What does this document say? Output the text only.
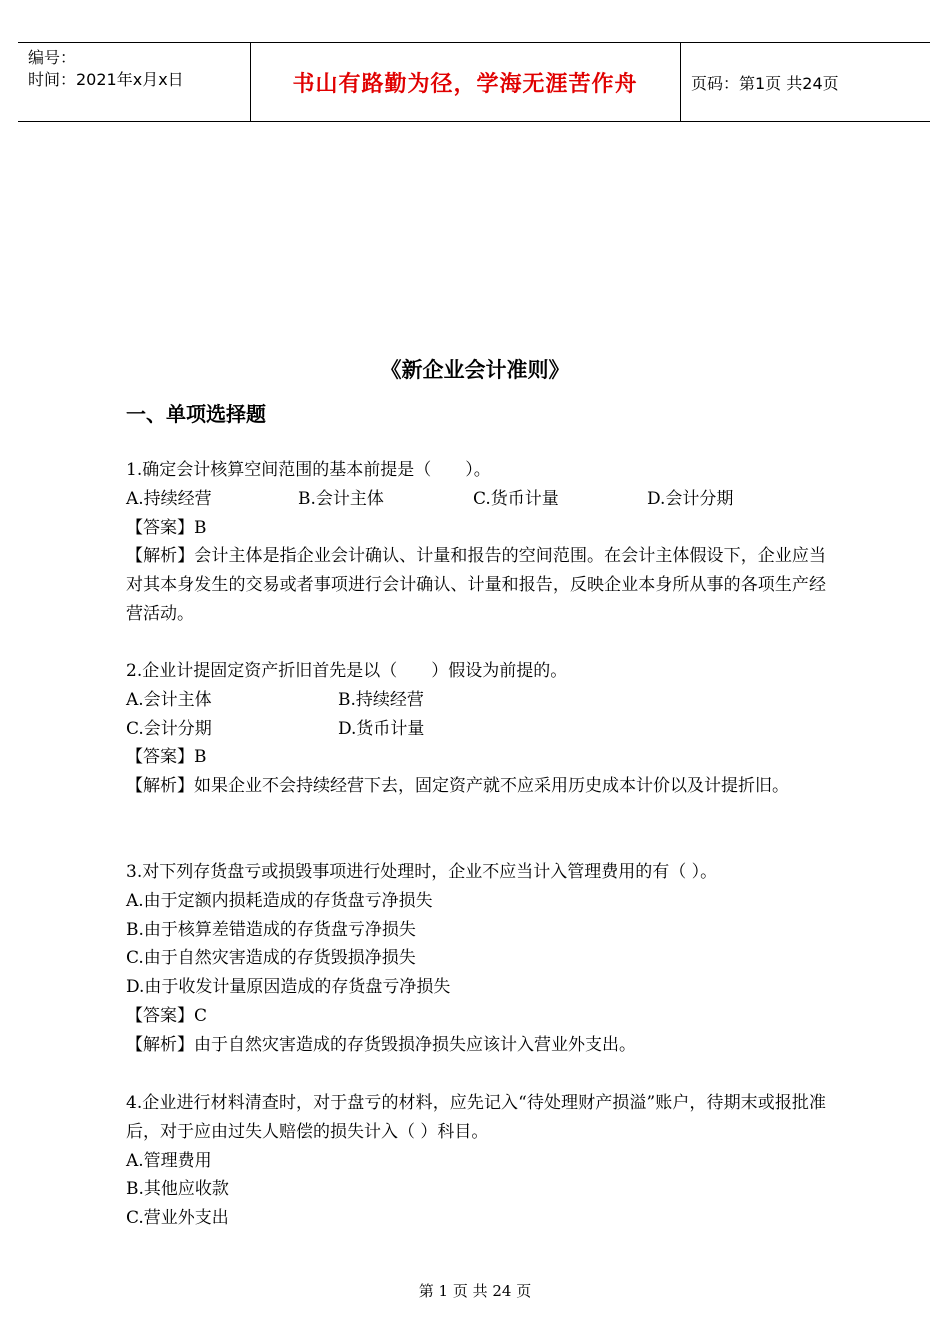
编号：
时间：2021年x月x日	书山有路勤为径，学海无涯苦作舟	页码：第1页 共24页
《新企业会计准则》
一、单项选择题

1.确定会计核算空间范围的基本前提是（　　）。

A.持续经营	B.会计主体	C.货币计量	D.会计分期

【答案】B

【解析】会计主体是指企业会计确认、计量和报告的空间范围。在会计主体假设下，企业应当对其本身发生的交易或者事项进行会计确认、计量和报告，反映企业本身所从事的各项生产经营活动。

2.企业计提固定资产折旧首先是以（　　）假设为前提的。

A.会计主体	B.持续经营
C.会计分期	D.货币计量

【答案】B

【解析】如果企业不会持续经营下去，固定资产就不应采用历史成本计价以及计提折旧。

3.对下列存货盘亏或损毁事项进行处理时，企业不应当计入管理费用的有（ ）。

A.由于定额内损耗造成的存货盘亏净损失

B.由于核算差错造成的存货盘亏净损失

C.由于自然灾害造成的存货毁损净损失

D.由于收发计量原因造成的存货盘亏净损失

【答案】C

【解析】由于自然灾害造成的存货毁损净损失应该计入营业外支出。

4.企业进行材料清查时，对于盘亏的材料，应先记入“待处理财产损溢”账户，待期末或报批准后，对于应由过失人赔偿的损失计入（ ）科目。

A.管理费用

B.其他应收款

C.营业外支出

第 1 页 共 24 页
